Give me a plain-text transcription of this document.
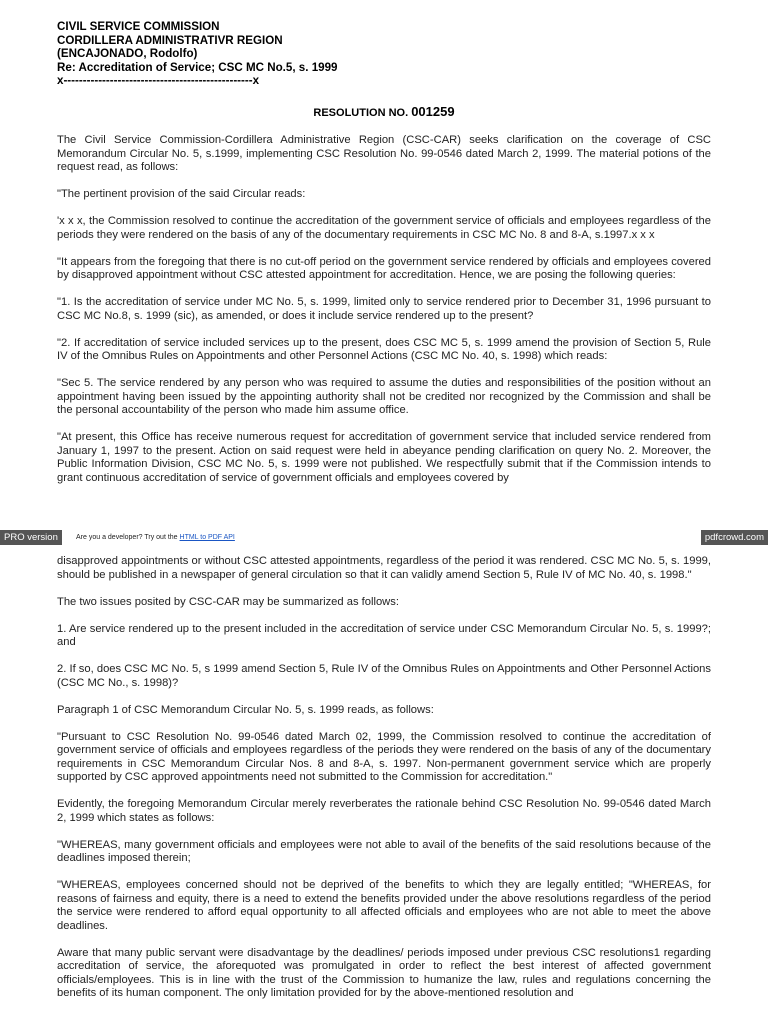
CIVIL SERVICE COMMISSION
CORDILLERA ADMINISTRATIVR REGION
(ENCAJONADO, Rodolfo)
Re: Accreditation of Service; CSC MC No.5, s. 1999
x-------------------------------------------------x
RESOLUTION NO. 001259

The Civil Service Commission-Cordillera Administrative Region (CSC-CAR) seeks clarification on the coverage of CSC Memorandum Circular No. 5, s.1999, implementing CSC Resolution No. 99-0546 dated March 2, 1999. The material potions of the request read, as follows:

"The pertinent provision of the said Circular reads:

'x x x, the Commission resolved to continue the accreditation of the government service of officials and employees regardless of the periods they were rendered on the basis of any of the documentary requirements in CSC MC No. 8 and 8-A, s.1997.x x x

"It appears from the foregoing that there is no cut-off period on the government service rendered by officials and employees covered by disapproved appointment without CSC attested appointment for accreditation. Hence, we are posing the following queries:

"1. Is the accreditation of service under MC No. 5, s. 1999, limited only to service rendered prior to December 31, 1996 pursuant to CSC MC No.8, s. 1999 (sic), as amended, or does it include service rendered up to the present?

"2. If accreditation of service included services up to the present, does CSC MC 5, s. 1999 amend the provision of Section 5, Rule IV of the Omnibus Rules on Appointments and other Personnel Actions (CSC MC No. 40, s. 1998) which reads:

"Sec 5. The service rendered by any person who was required to assume the duties and responsibilities of the position without an appointment having been issued by the appointing authority shall not be credited nor recognized by the Commission and shall be the personal accountability of the person who made him assume office.

"At present, this Office has receive numerous request for accreditation of government service that included service rendered from January 1, 1997 to the present. Action on said request were held in abeyance pending clarification on query No. 2. Moreover, the Public Information Division, CSC MC No. 5, s. 1999 were not published. We respectfully submit that if the Commission intends to grant continuous accreditation of service of government officials and employees covered by

PRO version	Are you a developer? Try out the HTML to PDF API	pdfcrowd.com

disapproved appointments or without CSC attested appointments, regardless of the period it was rendered. CSC MC No. 5, s. 1999, should be published in a newspaper of general circulation so that it can validly amend Section 5, Rule IV of MC No. 40, s. 1998."

The two issues posited by CSC-CAR may be summarized as follows:

1. Are service rendered up to the present included in the accreditation of service under CSC Memorandum Circular No. 5, s. 1999?; and

2. If so, does CSC MC No. 5, s 1999 amend Section 5, Rule IV of the Omnibus Rules on Appointments and Other Personnel Actions (CSC MC No., s. 1998)?

Paragraph 1 of CSC Memorandum Circular No. 5, s. 1999 reads, as follows:

"Pursuant to CSC Resolution No. 99-0546 dated March 02, 1999, the Commission resolved to continue the accreditation of government service of officials and employees regardless of the periods they were rendered on the basis of any of the documentary requirements in CSC Memorandum Circular Nos. 8 and 8-A, s. 1997. Non-permanent government service which are properly supported by CSC approved appointments need not submitted to the Commission for accreditation."

Evidently, the foregoing Memorandum Circular merely reverberates the rationale behind CSC Resolution No. 99-0546 dated March 2, 1999 which states as follows:

"WHEREAS, many government officials and employees were not able to avail of the benefits of the said resolutions because of the deadlines imposed therein;

"WHEREAS, employees concerned should not be deprived of the benefits to which they are legally entitled; "WHEREAS, for reasons of fairness and equity, there is a need to extend the benefits provided under the above resolutions regardless of the period the service were rendered to afford equal opportunity to all affected officials and employees who are not able to meet the above deadlines.

Aware that many public servant were disadvantage by the deadlines/ periods imposed under previous CSC resolutions1 regarding accreditation of service, the aforequoted was promulgated in order to reflect the best interest of affected government officials/employees. This is in line with the trust of the Commission to humanize the law, rules and regulations concerning the benefits of its human component. The only limitation provided for by the above-mentioned resolution and
